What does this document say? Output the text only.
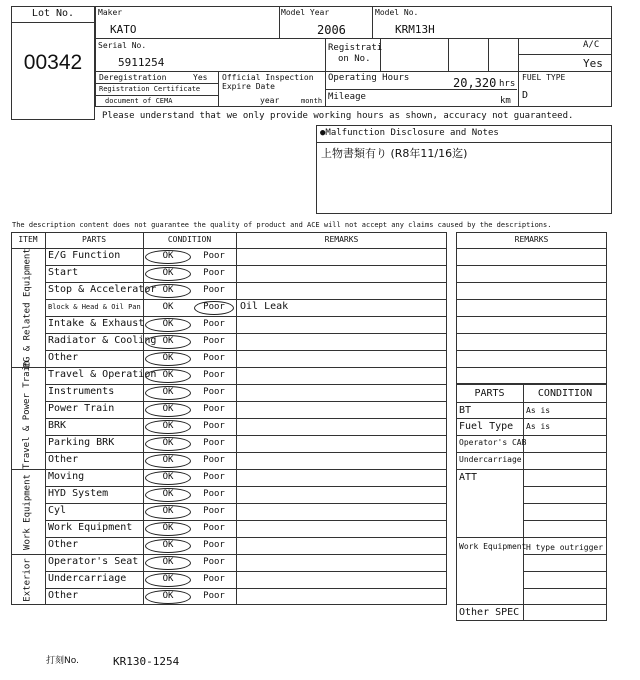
Lot No.
00342
Maker
KATO
Model Year
2006
Model No.
KRM13H
Serial No.
5911254
Registrati
on No.
A/C
Yes
Deregistration	Yes
Registration Certificate
document of CEMA
Official Inspection
Expire Date
year	month
Operating Hours	20,320 hrs
Mileage	km
FUEL TYPE
D
Please understand that we only provide working hours as shown, accuracy not guaranteed.
●Malfunction Disclosure and Notes
上物書類有り (R8年11/16迄)
The description content does not guarantee the quality of product and ACE will not accept any claims caused by the descriptions.
ITEM	PARTS	CONDITION	REMARKS
E/G Function	OK	Poor
Start	OK	Poor
Stop & Accelerator OK	Poor
Block & Head & Oil Pan	OK	Poor Oil Leak
Intake & Exhaust	OK	Poor
Radiator & Cooling OK	Poor
Other	OK	Poor
EG & Related Equipment
Travel & Operation OK	Poor
Instruments	OK	Poor
Power Train	OK	Poor
BRK	OK	Poor
Parking BRK	OK	Poor
Other	OK	Poor
Travel & Power Train
Moving	OK	Poor
HYD System	OK	Poor
Cyl	OK	Poor
Work Equipment	OK	Poor
Other	OK	Poor
Work Equipment
Operator's Seat	OK	Poor
Undercarriage	OK	Poor
Other	OK	Poor
Exterior
REMARKS
PARTS	CONDITION
BT	As is
Fuel Type As is
Operator's CAB
Undercarriage
ATT
Work Equipment H type outrigger
Other SPEC
打刻No.	KR130-1254
